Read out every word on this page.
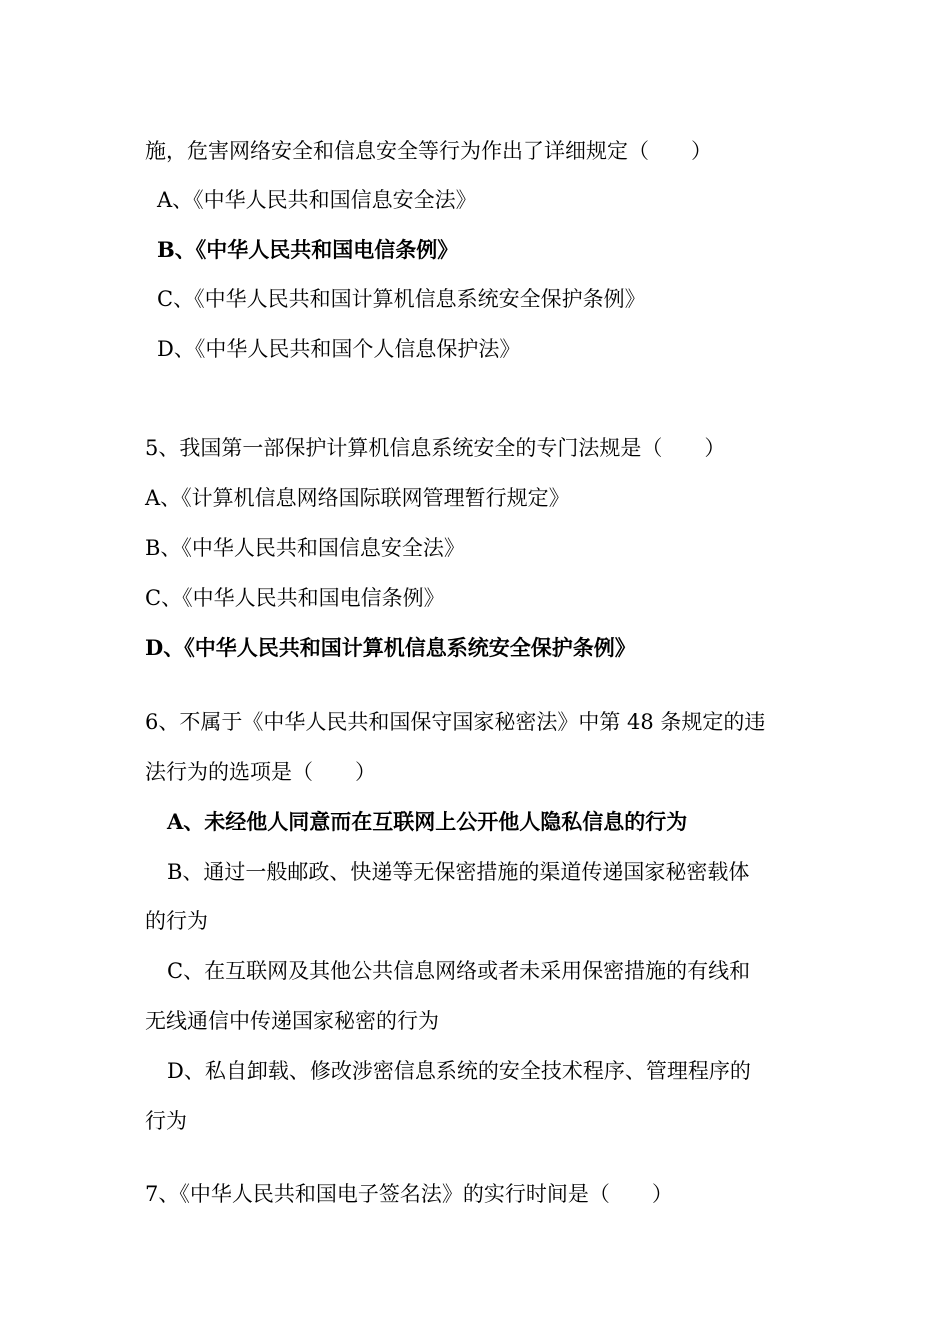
施，危害网络安全和信息安全等行为作出了详细规定（　　）
A、《中华人民共和国信息安全法》
B、《中华人民共和国电信条例》
C、《中华人民共和国计算机信息系统安全保护条例》
D、《中华人民共和国个人信息保护法》
5、我国第一部保护计算机信息系统安全的专门法规是（　　）
A、《计算机信息网络国际联网管理暂行规定》
B、《中华人民共和国信息安全法》
C、《中华人民共和国电信条例》
D、《中华人民共和国计算机信息系统安全保护条例》
6、不属于《中华人民共和国保守国家秘密法》中第 48 条规定的违
法行为的选项是（　　）
A、未经他人同意而在互联网上公开他人隐私信息的行为
B、通过一般邮政、快递等无保密措施的渠道传递国家秘密载体
的行为
C、在互联网及其他公共信息网络或者未采用保密措施的有线和
无线通信中传递国家秘密的行为
D、私自卸载、修改涉密信息系统的安全技术程序、管理程序的
行为
7、《中华人民共和国电子签名法》的实行时间是（　　）
